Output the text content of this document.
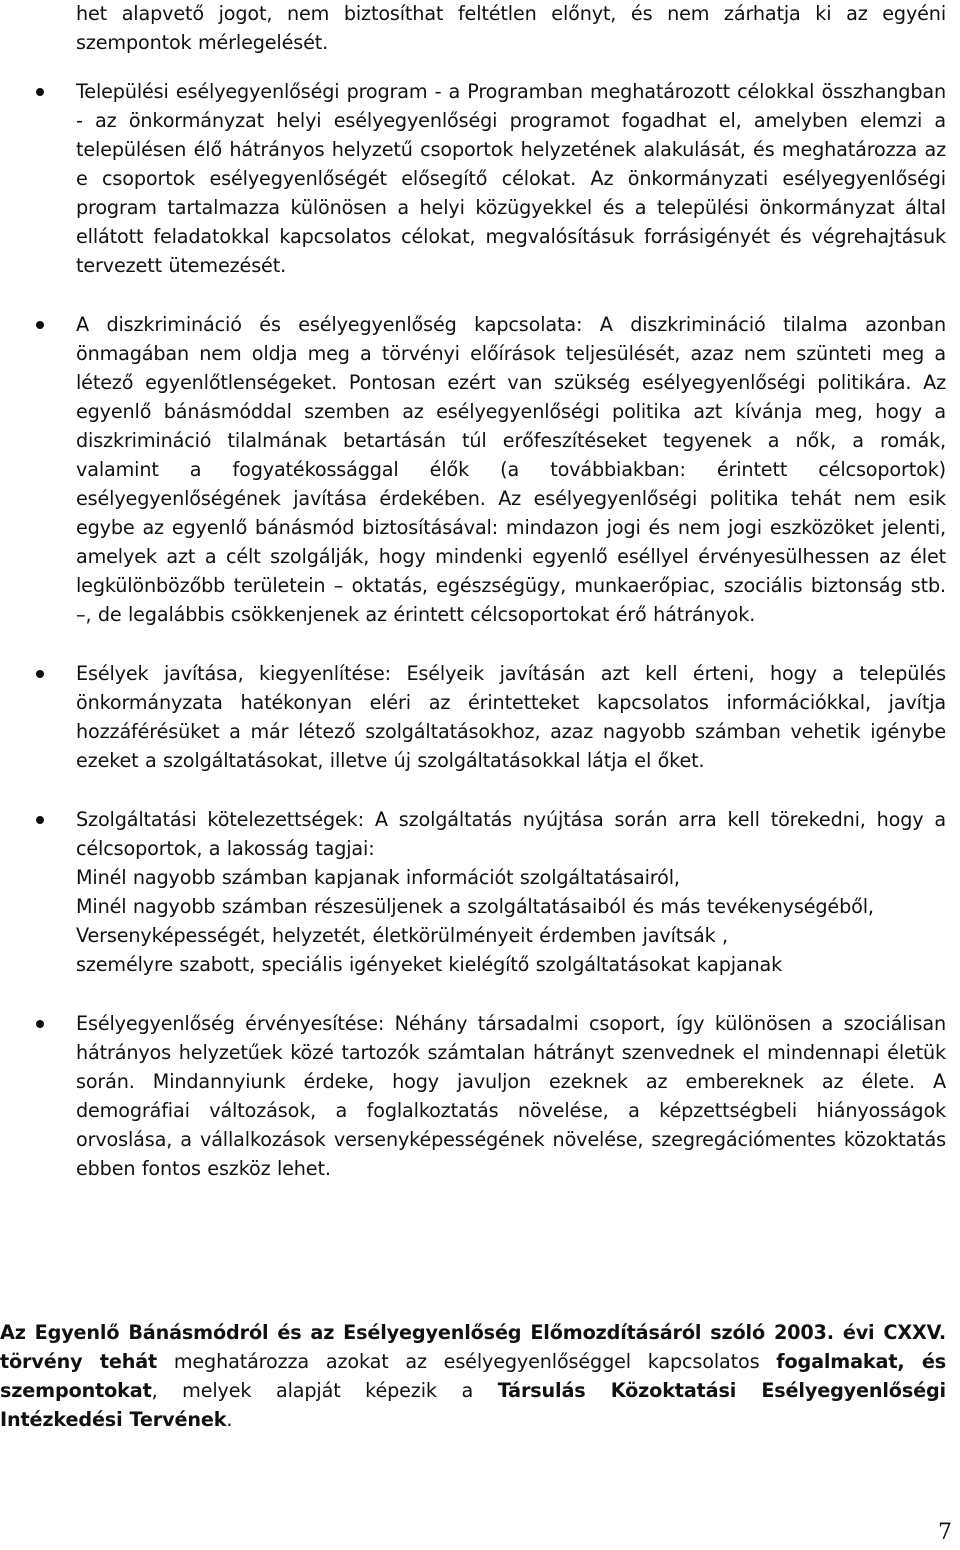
het alapvető jogot, nem biztosíthat feltétlen előnyt, és nem zárhatja ki az egyéni szempontok mérlegelését.

Települési esélyegyenlőségi program - a Programban meghatározott célokkal összhangban - az önkormányzat helyi esélyegyenlőségi programot fogadhat el, amelyben elemzi a településen élő hátrányos helyzetű csoportok helyzetének alakulását, és meghatározza az e csoportok esélyegyenlőségét elősegítő célokat. Az önkormányzati esélyegyenlőségi program tartalmazza különösen a helyi közügyekkel és a települési önkormányzat által ellátott feladatokkal kapcsolatos célokat, megvalósításuk forrásigényét és végrehajtásuk tervezett ütemezését.

A diszkrimináció és esélyegyenlőség kapcsolata: A diszkrimináció tilalma azonban önmagában nem oldja meg a törvényi előírások teljesülését, azaz nem szünteti meg a létező egyenlőtlenségeket. Pontosan ezért van szükség esélyegyenlőségi politikára. Az egyenlő bánásmóddal szemben az esélyegyenlőségi politika azt kívánja meg, hogy a diszkrimináció tilalmának betartásán túl erőfeszítéseket tegyenek a nők, a romák, valamint a fogyatékossággal élők (a továbbiakban: érintett célcsoportok) esélyegyenlőségének javítása érdekében. Az esélyegyenlőségi politika tehát nem esik egybe az egyenlő bánásmód biztosításával: mindazon jogi és nem jogi eszközöket jelenti, amelyek azt a célt szolgálják, hogy mindenki egyenlő eséllyel érvényesülhessen az élet legkülönbözőbb területein – oktatás, egészségügy, munkaerőpiac, szociális biztonság stb. –, de legalábbis csökkenjenek az érintett célcsoportokat érő hátrányok.

Esélyek javítása, kiegyenlítése: Esélyeik javításán azt kell érteni, hogy a település önkormányzata hatékonyan eléri az érintetteket kapcsolatos információkkal, javítja hozzáférésüket a már létező szolgáltatásokhoz, azaz nagyobb számban vehetik igénybe ezeket a szolgáltatásokat, illetve új szolgáltatásokkal látja el őket.

Szolgáltatási kötelezettségek: A szolgáltatás nyújtása során arra kell törekedni, hogy a célcsoportok, a lakosság tagjai:
Minél nagyobb számban kapjanak információt szolgáltatásairól,
Minél nagyobb számban részesüljenek a szolgáltatásaiból és más tevékenységéből,
Versenyképességét, helyzetét, életkörülményeit érdemben javítsák ,
személyre szabott, speciális igényeket kielégítő szolgáltatásokat kapjanak

Esélyegyenlőség érvényesítése: Néhány társadalmi csoport, így különösen a szociálisan hátrányos helyzetűek közé tartozók számtalan hátrányt szenvednek el mindennapi életük során. Mindannyiunk érdeke, hogy javuljon ezeknek az embereknek az élete. A demográfiai változások, a foglalkoztatás növelése, a képzettségbeli hiányosságok orvoslása, a vállalkozások versenyképességének növelése, szegregációmentes közoktatás ebben fontos eszköz lehet.

Az Egyenlő Bánásmódról és az Esélyegyenlőség Előmozdításáról szóló 2003. évi CXXV. törvény tehát meghatározza azokat az esélyegyenlőséggel kapcsolatos fogalmakat, és szempontokat, melyek alapját képezik a Társulás Közoktatási Esélyegyenlőségi Intézkedési Tervének.

7
